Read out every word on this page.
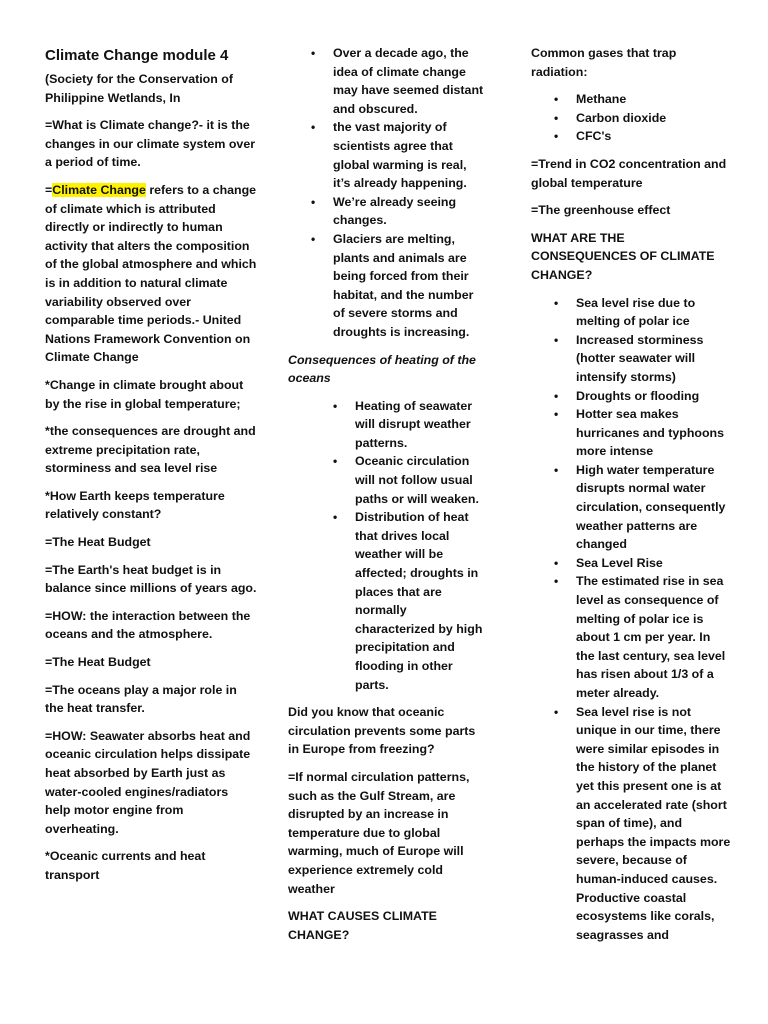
Climate Change module 4

(Society for the Conservation of Philippine Wetlands, In

=What is Climate change?- it is the changes in our climate system over a period of time.

=Climate Change refers to a change of climate which is attributed directly or indirectly to human activity that alters the composition of the global atmosphere and which is in addition to natural climate variability observed over comparable time periods.- United Nations Framework Convention on Climate Change

*Change in climate brought about by the rise in global temperature;

*the consequences are drought and extreme precipitation rate, storminess and sea level rise

*How Earth keeps temperature relatively constant?

=The Heat Budget

=The Earth's heat budget is in balance since millions of years ago.

=HOW: the interaction between the oceans and the atmosphere.

=The Heat Budget

=The oceans play a major role in the heat transfer.

=HOW: Seawater absorbs heat and oceanic circulation helps dissipate heat absorbed by Earth just as water-cooled engines/radiators help motor engine from overheating.

*Oceanic currents and heat transport

• Over a decade ago, the idea of climate change may have seemed distant and obscured.
• the vast majority of scientists agree that global warming is real, it’s already happening.
• We’re already seeing changes.
• Glaciers are melting, plants and animals are being forced from their habitat, and the number of severe storms and droughts is increasing.

Consequences of heating of the oceans

• Heating of seawater will disrupt weather patterns.
• Oceanic circulation will not follow usual paths or will weaken.
• Distribution of heat that drives local weather will be affected; droughts in places that are normally characterized by high precipitation and flooding in other parts.

Did you know that oceanic circulation prevents some parts in Europe from freezing?

=If normal circulation patterns, such as the Gulf Stream, are disrupted by an increase in temperature due to global warming, much of Europe will experience extremely cold weather

WHAT CAUSES CLIMATE CHANGE?

Common gases that trap radiation:

• Methane
• Carbon dioxide
• CFC's

=Trend in CO2 concentration and global temperature

=The greenhouse effect

WHAT ARE THE CONSEQUENCES OF CLIMATE CHANGE?

• Sea level rise due to melting of polar ice
• Increased storminess (hotter seawater will intensify storms)
• Droughts or flooding
• Hotter sea makes hurricanes and typhoons more intense
• High water temperature disrupts normal water circulation, consequently weather patterns are changed
• Sea Level Rise
• The estimated rise in sea level as consequence of melting of polar ice is about 1 cm per year. In the last century, sea level has risen about 1/3 of a meter already.
• Sea level rise is not unique in our time, there were similar episodes in the history of the planet yet this present one is at an accelerated rate (short span of time), and perhaps the impacts more severe, because of human-induced causes. Productive coastal ecosystems like corals, seagrasses and
